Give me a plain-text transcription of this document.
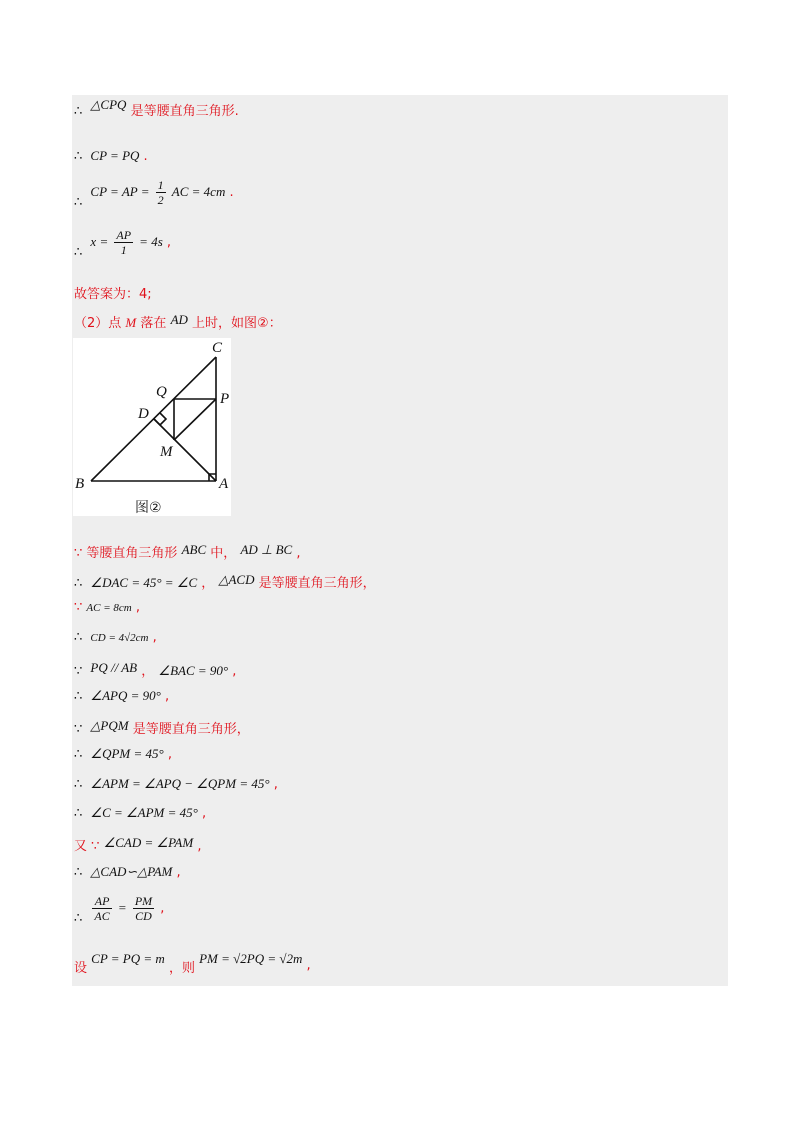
∴ △CPQ 是等腰直角三角形.
∴ CP = PQ .
∴ CP = AP = $\frac{1}{2}$ AC = 4cm .
∴ $x = \frac{AP}{1} = 4s$ ,
故答案为：4;
（2）点 M 落在 AD 上时，如图②：
C
Q	P
D
M
B	A
图②
∵ 等腰直角三角形 ABC 中， AD ⊥ BC ,
∴ ∠DAC = 45° = ∠C ， △ACD 是等腰直角三角形，
∵ AC = 8cm ,
∴ CD = 4√2cm ,
∵ PQ // AB ， ∠BAC = 90° ,
∴ ∠APQ = 90° ,
∵ △PQM 是等腰直角三角形，
∴ ∠QPM = 45° ,
∴ ∠APM = ∠APQ − ∠QPM = 45° ,
∴ ∠C = ∠APM = 45° ,
又 ∵ ∠CAD = ∠PAM ,
∴ △CAD∽△PAM ,
∴ $\frac{AP}{AC} = \frac{PM}{CD}$ ,
设 CP = PQ = m ，则 PM = √2PQ = √2m ,
